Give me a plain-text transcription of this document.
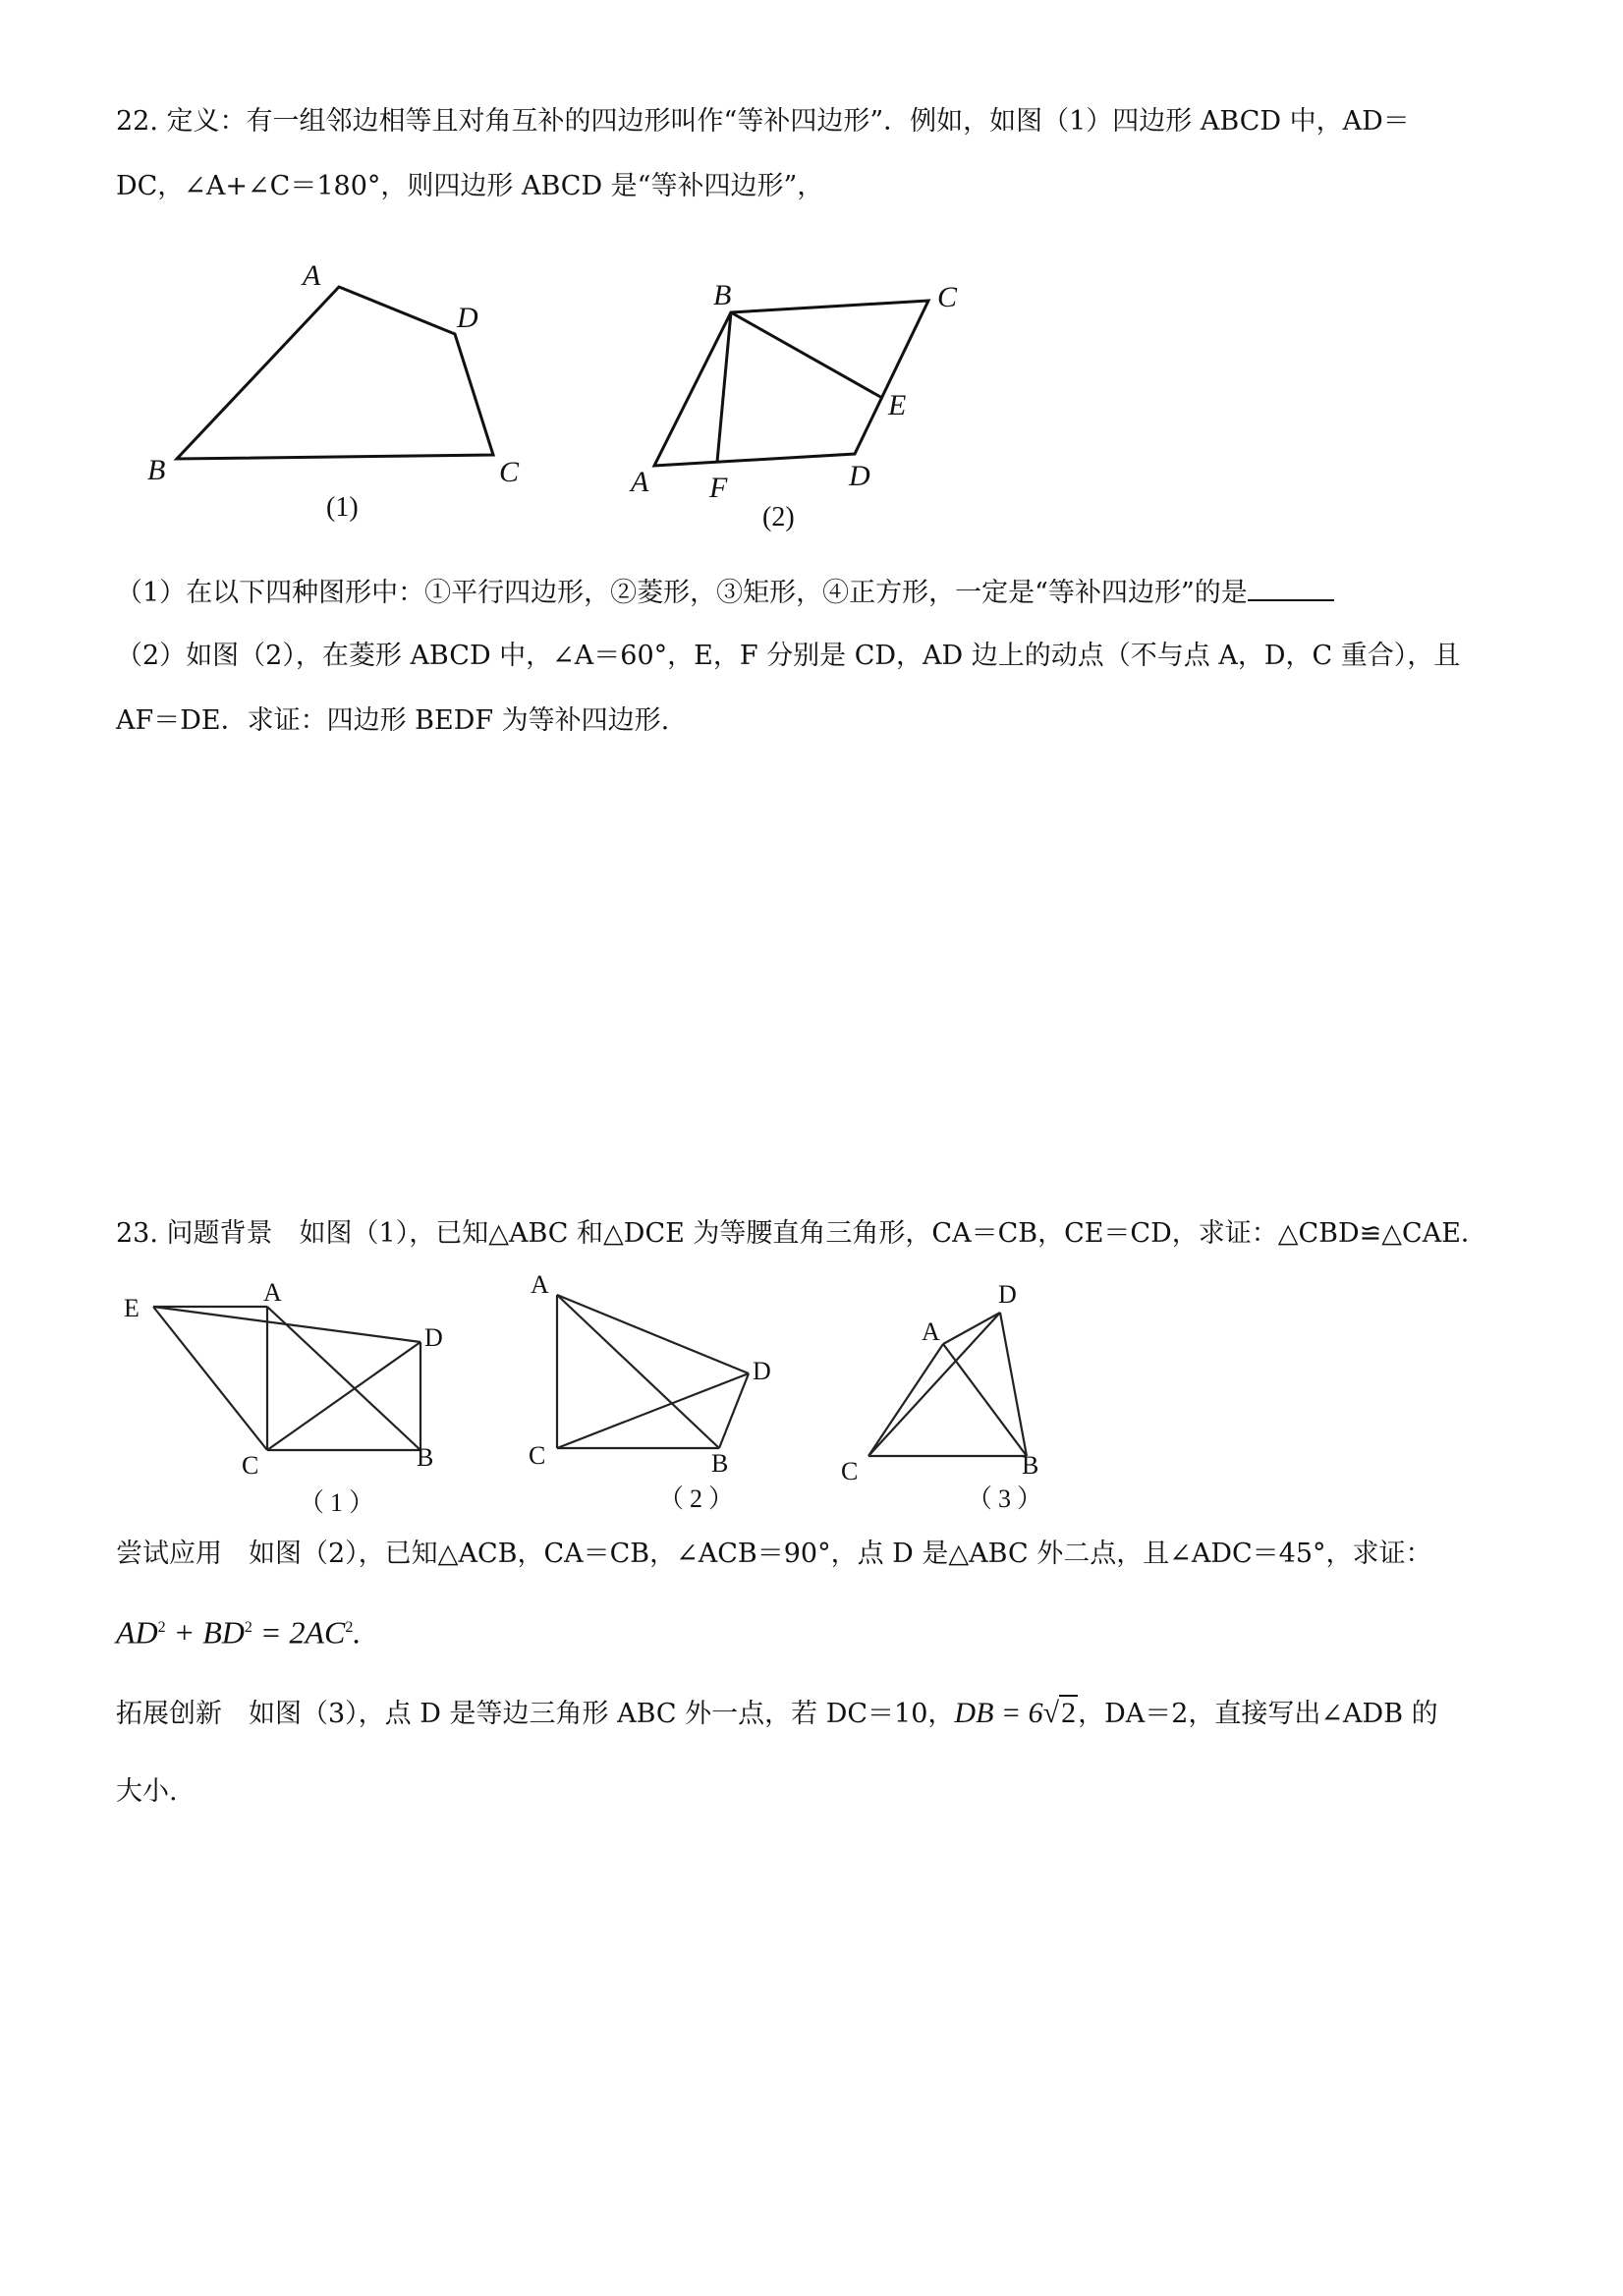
22. 定义：有一组邻边相等且对角互补的四边形叫作“等补四边形”．例如，如图（1）四边形 ABCD 中，AD＝
DC，∠A+∠C＝180°，则四边形 ABCD 是“等补四边形”，
A
D
C
B
(1)
B	C
E
D
A F
(2)
（1）在以下四种图形中：①平行四边形，②菱形，③矩形，④正方形，一定是“等补四边形”的是
（2）如图（2），在菱形 ABCD 中，∠A＝60°，E，F 分别是 CD，AD 边上的动点（不与点 A，D，C 重合），且
AF＝DE．求证：四边形 BEDF 为等补四边形.
23. 问题背景　如图（1），已知△ABC 和△DCE 为等腰直角三角形，CA＝CB，CE＝CD，求证：△CBD≌△CAE．
E
A
D
C	B
（1）
A
D
C	B
（2）
A
D
C	B
（3）
尝试应用　如图（2），已知△ACB，CA＝CB，∠ACB＝90°，点 D 是△ABC 外二点，且∠ADC＝45°，求证：
$AD^2 + BD^2 = 2AC^2$.
拓展创新　如图（3），点 D 是等边三角形 ABC 外一点，若 DC＝10，DB = 6√2，DA＝2，直接写出∠ADB 的
大小.
